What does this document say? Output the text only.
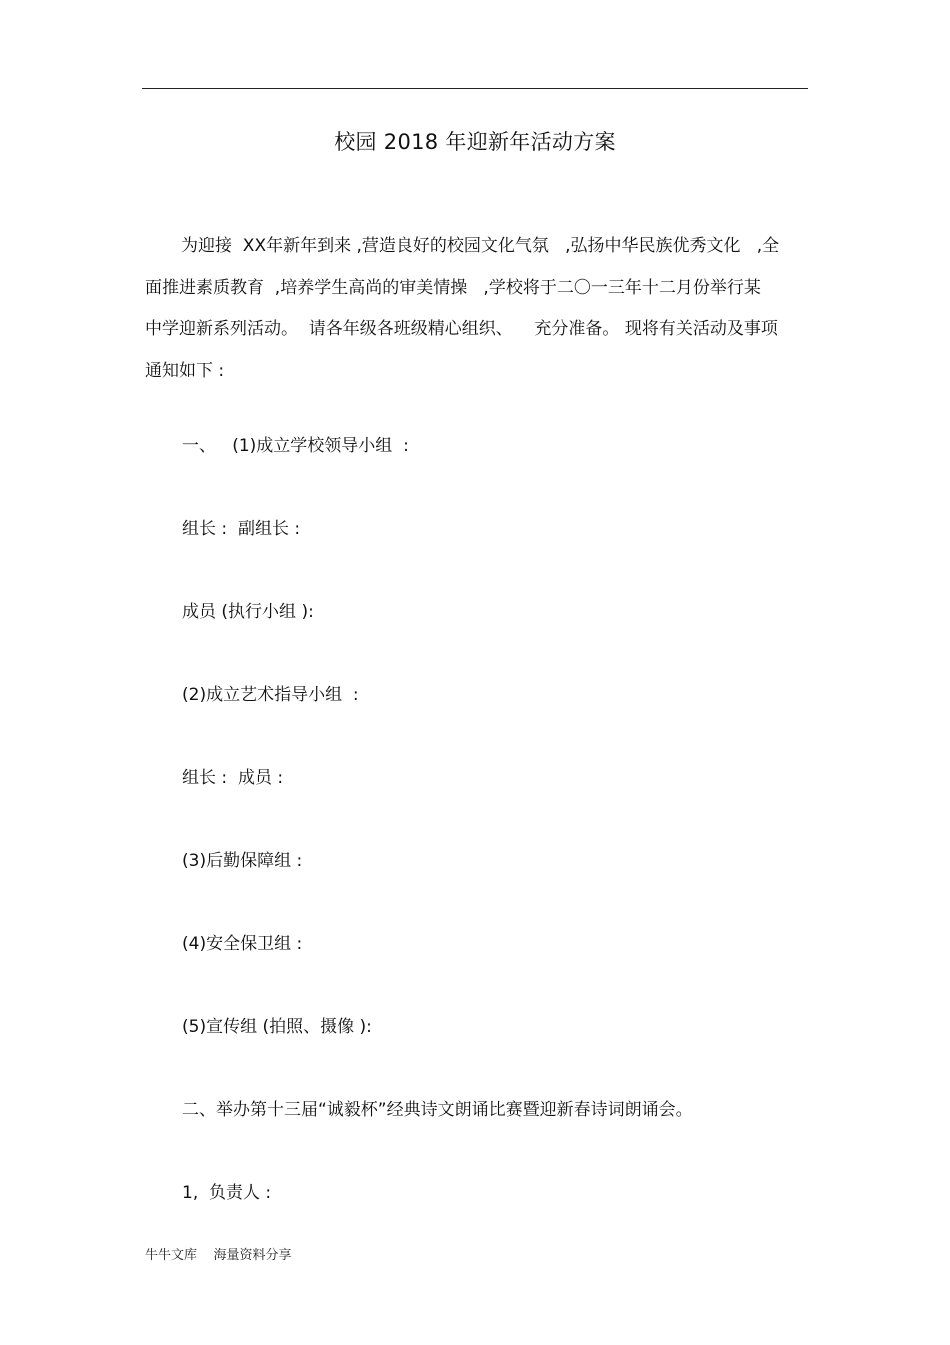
校园 2018 年迎新年活动方案
为迎接  XX年新年到来 ,营造良好的校园文化气氛   ,弘扬中华民族优秀文化   ,全
面推进素质教育  ,培养学生高尚的审美情操   ,学校将于二〇一三年十二月份举行某
中学迎新系列活动。  请各年级各班级精心组织、    充分准备。 现将有关活动及事项
通知如下 :
一、   (1)成立学校领导小组  :
组长 :  副组长 :
成员 (执行小组 ):
(2)成立艺术指导小组  :
组长 :  成员 :
(3)后勤保障组 :
(4)安全保卫组 :
(5)宣传组 (拍照、摄像 ):
二、举办第十三届“诚毅杯”经典诗文朗诵比赛暨迎新春诗词朗诵会。
1,  负责人 :
牛牛文库    海量资料分享
